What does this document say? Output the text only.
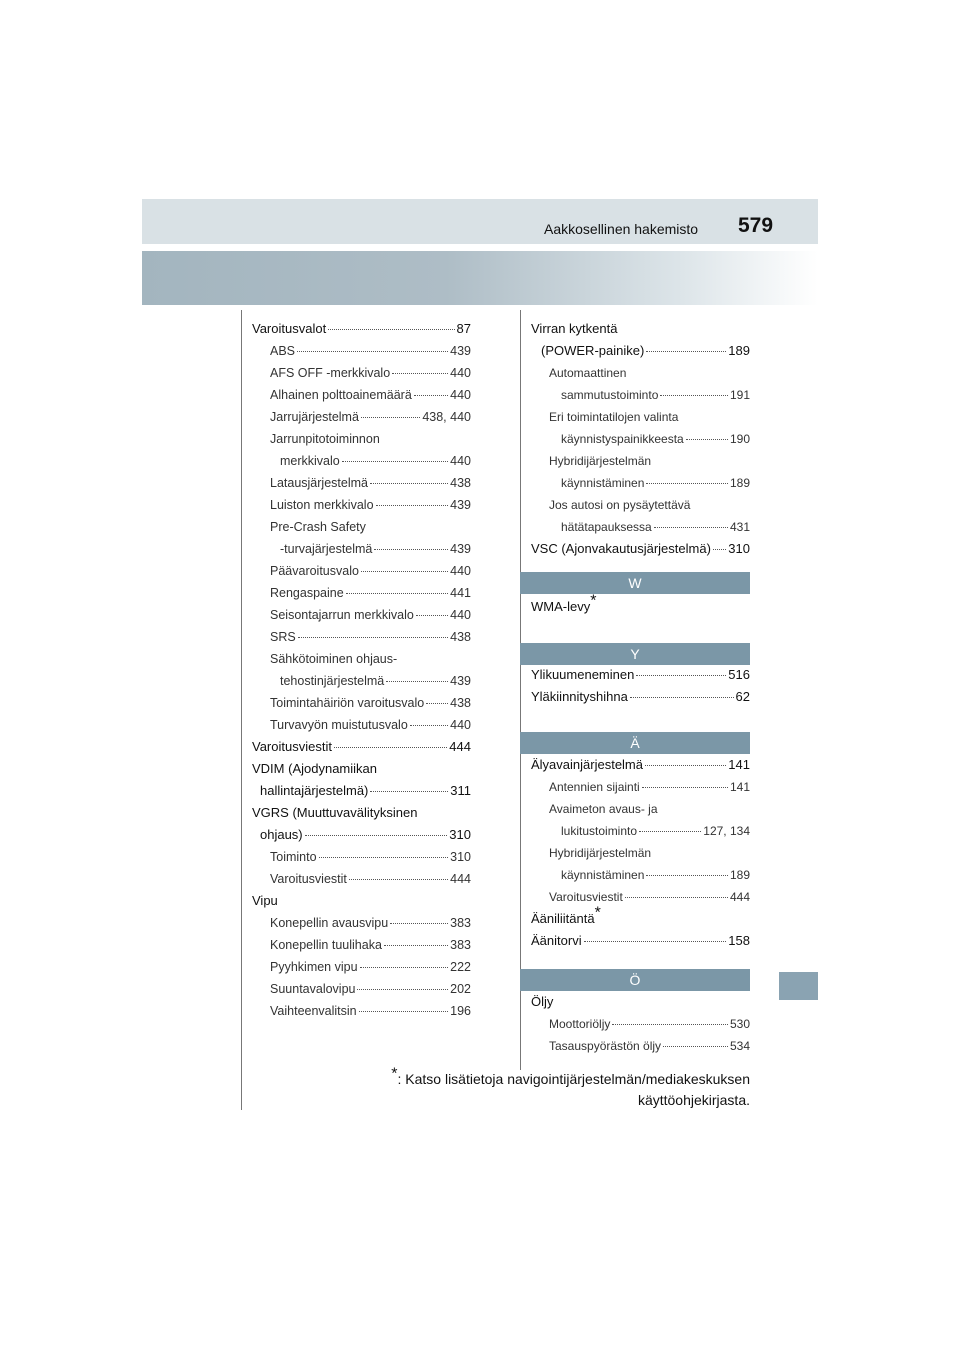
Aakkosellinen hakemisto 579
Varoitusvalot	87
ABS	439
AFS OFF -merkkivalo	440
Alhainen polttoainemäärä	440
Jarrujärjestelmä	438, 440
Jarrunpitotoiminnon
merkkivalo	440
Latausjärjestelmä	438
Luiston merkkivalo	439
Pre-Crash Safety
-turvajärjestelmä	439
Päävaroitusvalo	440
Rengaspaine	441
Seisontajarrun merkkivalo	440
SRS	438
Sähkötoiminen ohjaus-
tehostinjärjestelmä	439
Toimintahäiriön varoitusvalo 438
Turvavyön muistutusvalo	440
Varoitusviestit	444
VDIM (Ajodynamiikan
hallintajärjestelmä)	311
VGRS (Muuttuvavälityksinen
ohjaus)	310
Toiminto	310
Varoitusviestit	444
Vipu
Konepellin avausvipu	383
Konepellin tuulihaka	383
Pyyhkimen vipu	222
Suuntavalovipu	202
Vaihteenvalitsin	196
Virran kytkentä
(POWER-painike)	189
Automaattinen
sammutustoiminto	191
Eri toimintatilojen valinta
käynnistyspainikkeesta	190
Hybridijärjestelmän
käynnistäminen	189
Jos autosi on pysäytettävä
hätätapauksessa	431
VSC (Ajonvakautusjärjestelmä) 310
W
WMA-levy*
Y
Ylikuumeneminen	516
Yläkiinnityshihna	62
Ä
Älyavainjärjestelmä	141
Antennien sijainti	141
Avaimeton avaus- ja
lukitustoiminto	127, 134
Hybridijärjestelmän
käynnistäminen	189
Varoitusviestit	444
Ääniliitäntä*
Äänitorvi	158
Ö
Öljy
Moottoriöljy	530
Tasauspyörästön öljy	534
*: Katso lisätietoja navigointijärjestelmän/mediakeskuksen
käyttöohjekirjasta.
